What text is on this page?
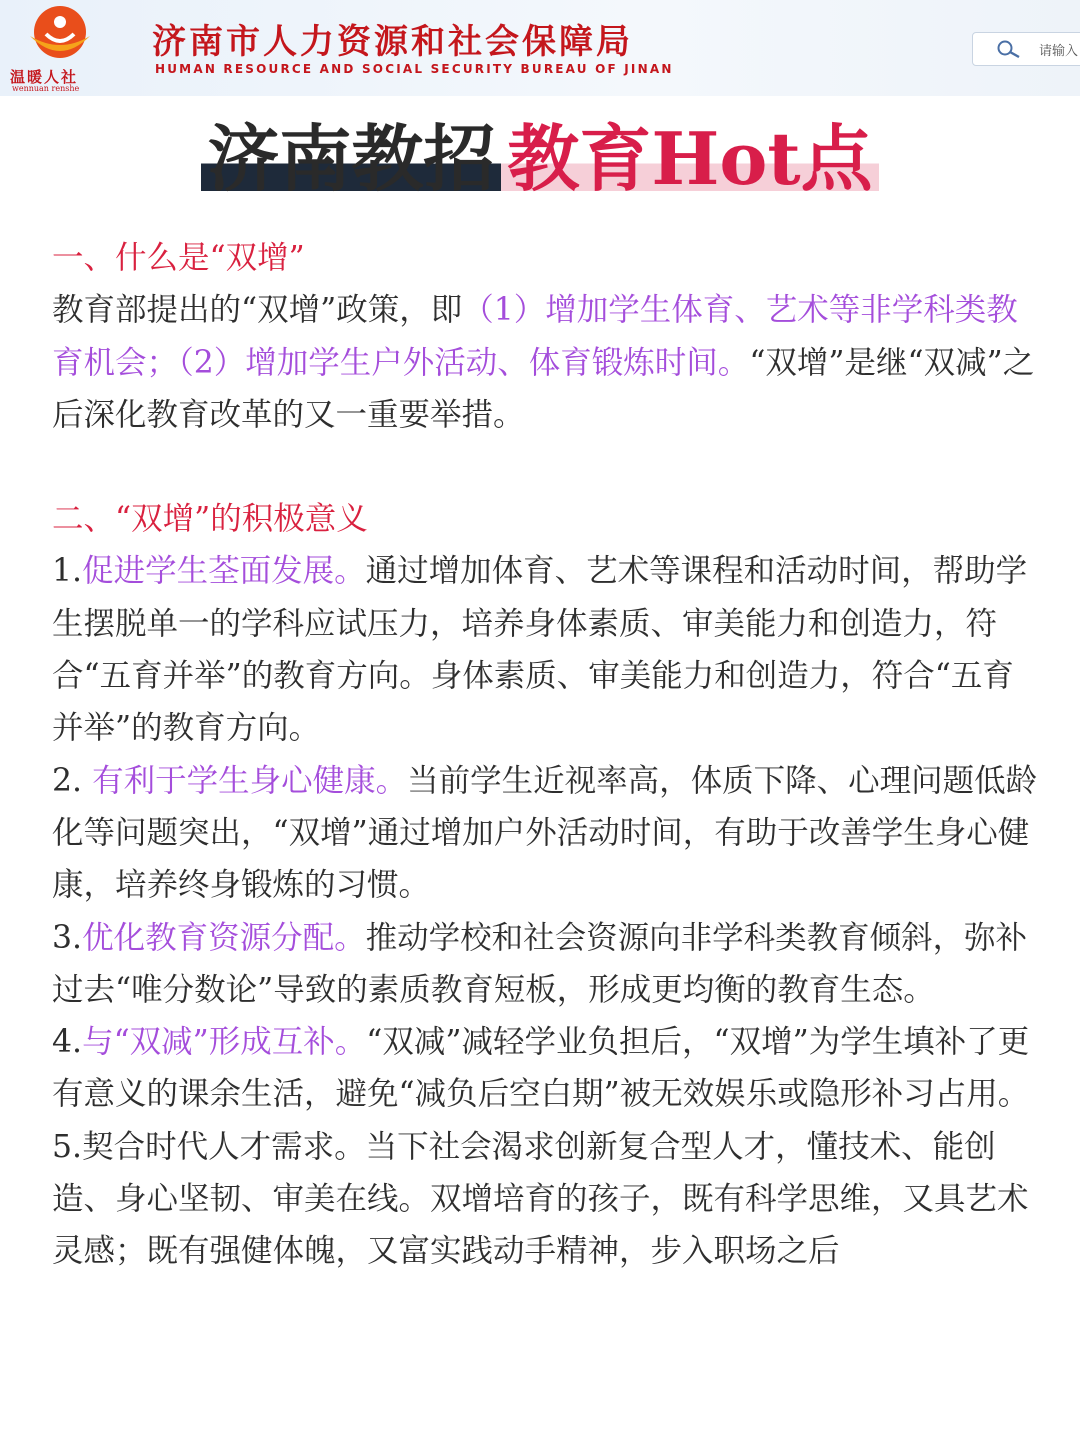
温暖人社
wennuan renshe
济南市人力资源和社会保障局
HUMAN RESOURCE AND SOCIAL SECURITY BUREAU OF JINAN
请输入
济南教招 教育Hot点

一、什么是“双增”

教育部提出的“双增”政策，即（1）增加学生体育、艺术等非学科类教育机会；（2）增加学生户外活动、体育锻炼时间。“双增”是继“双减”之后深化教育改革的又一重要举措。

二、“双增”的积极意义

1.促进学生荃面发展。通过增加体育、艺术等课程和活动时间，帮助学生摆脱单一的学科应试压力，培养身体素质、审美能力和创造力，符合“五育并举”的教育方向。身体素质、审美能力和创造力，符合“五育并举”的教育方向。

2. 有利于学生身心健康。当前学生近视率高，体质下降、心理问题低龄化等问题突出，“双增”通过增加户外活动时间，有助于改善学生身心健康，培养终身锻炼的习惯。

3.优化教育资源分配。推动学校和社会资源向非学科类教育倾斜，弥补过去“唯分数论”导致的素质教育短板，形成更均衡的教育生态。

4.与“双减”形成互补。“双减”减轻学业负担后，“双增”为学生填补了更有意义的课余生活，避免“减负后空白期”被无效娱乐或隐形补习占用。

5.契合时代人才需求。当下社会渴求创新复合型人才，懂技术、能创造、身心坚韧、审美在线。双增培育的孩子，既有科学思维，又具艺术灵感；既有强健体魄，又富实践动手精神，步入职场之后
